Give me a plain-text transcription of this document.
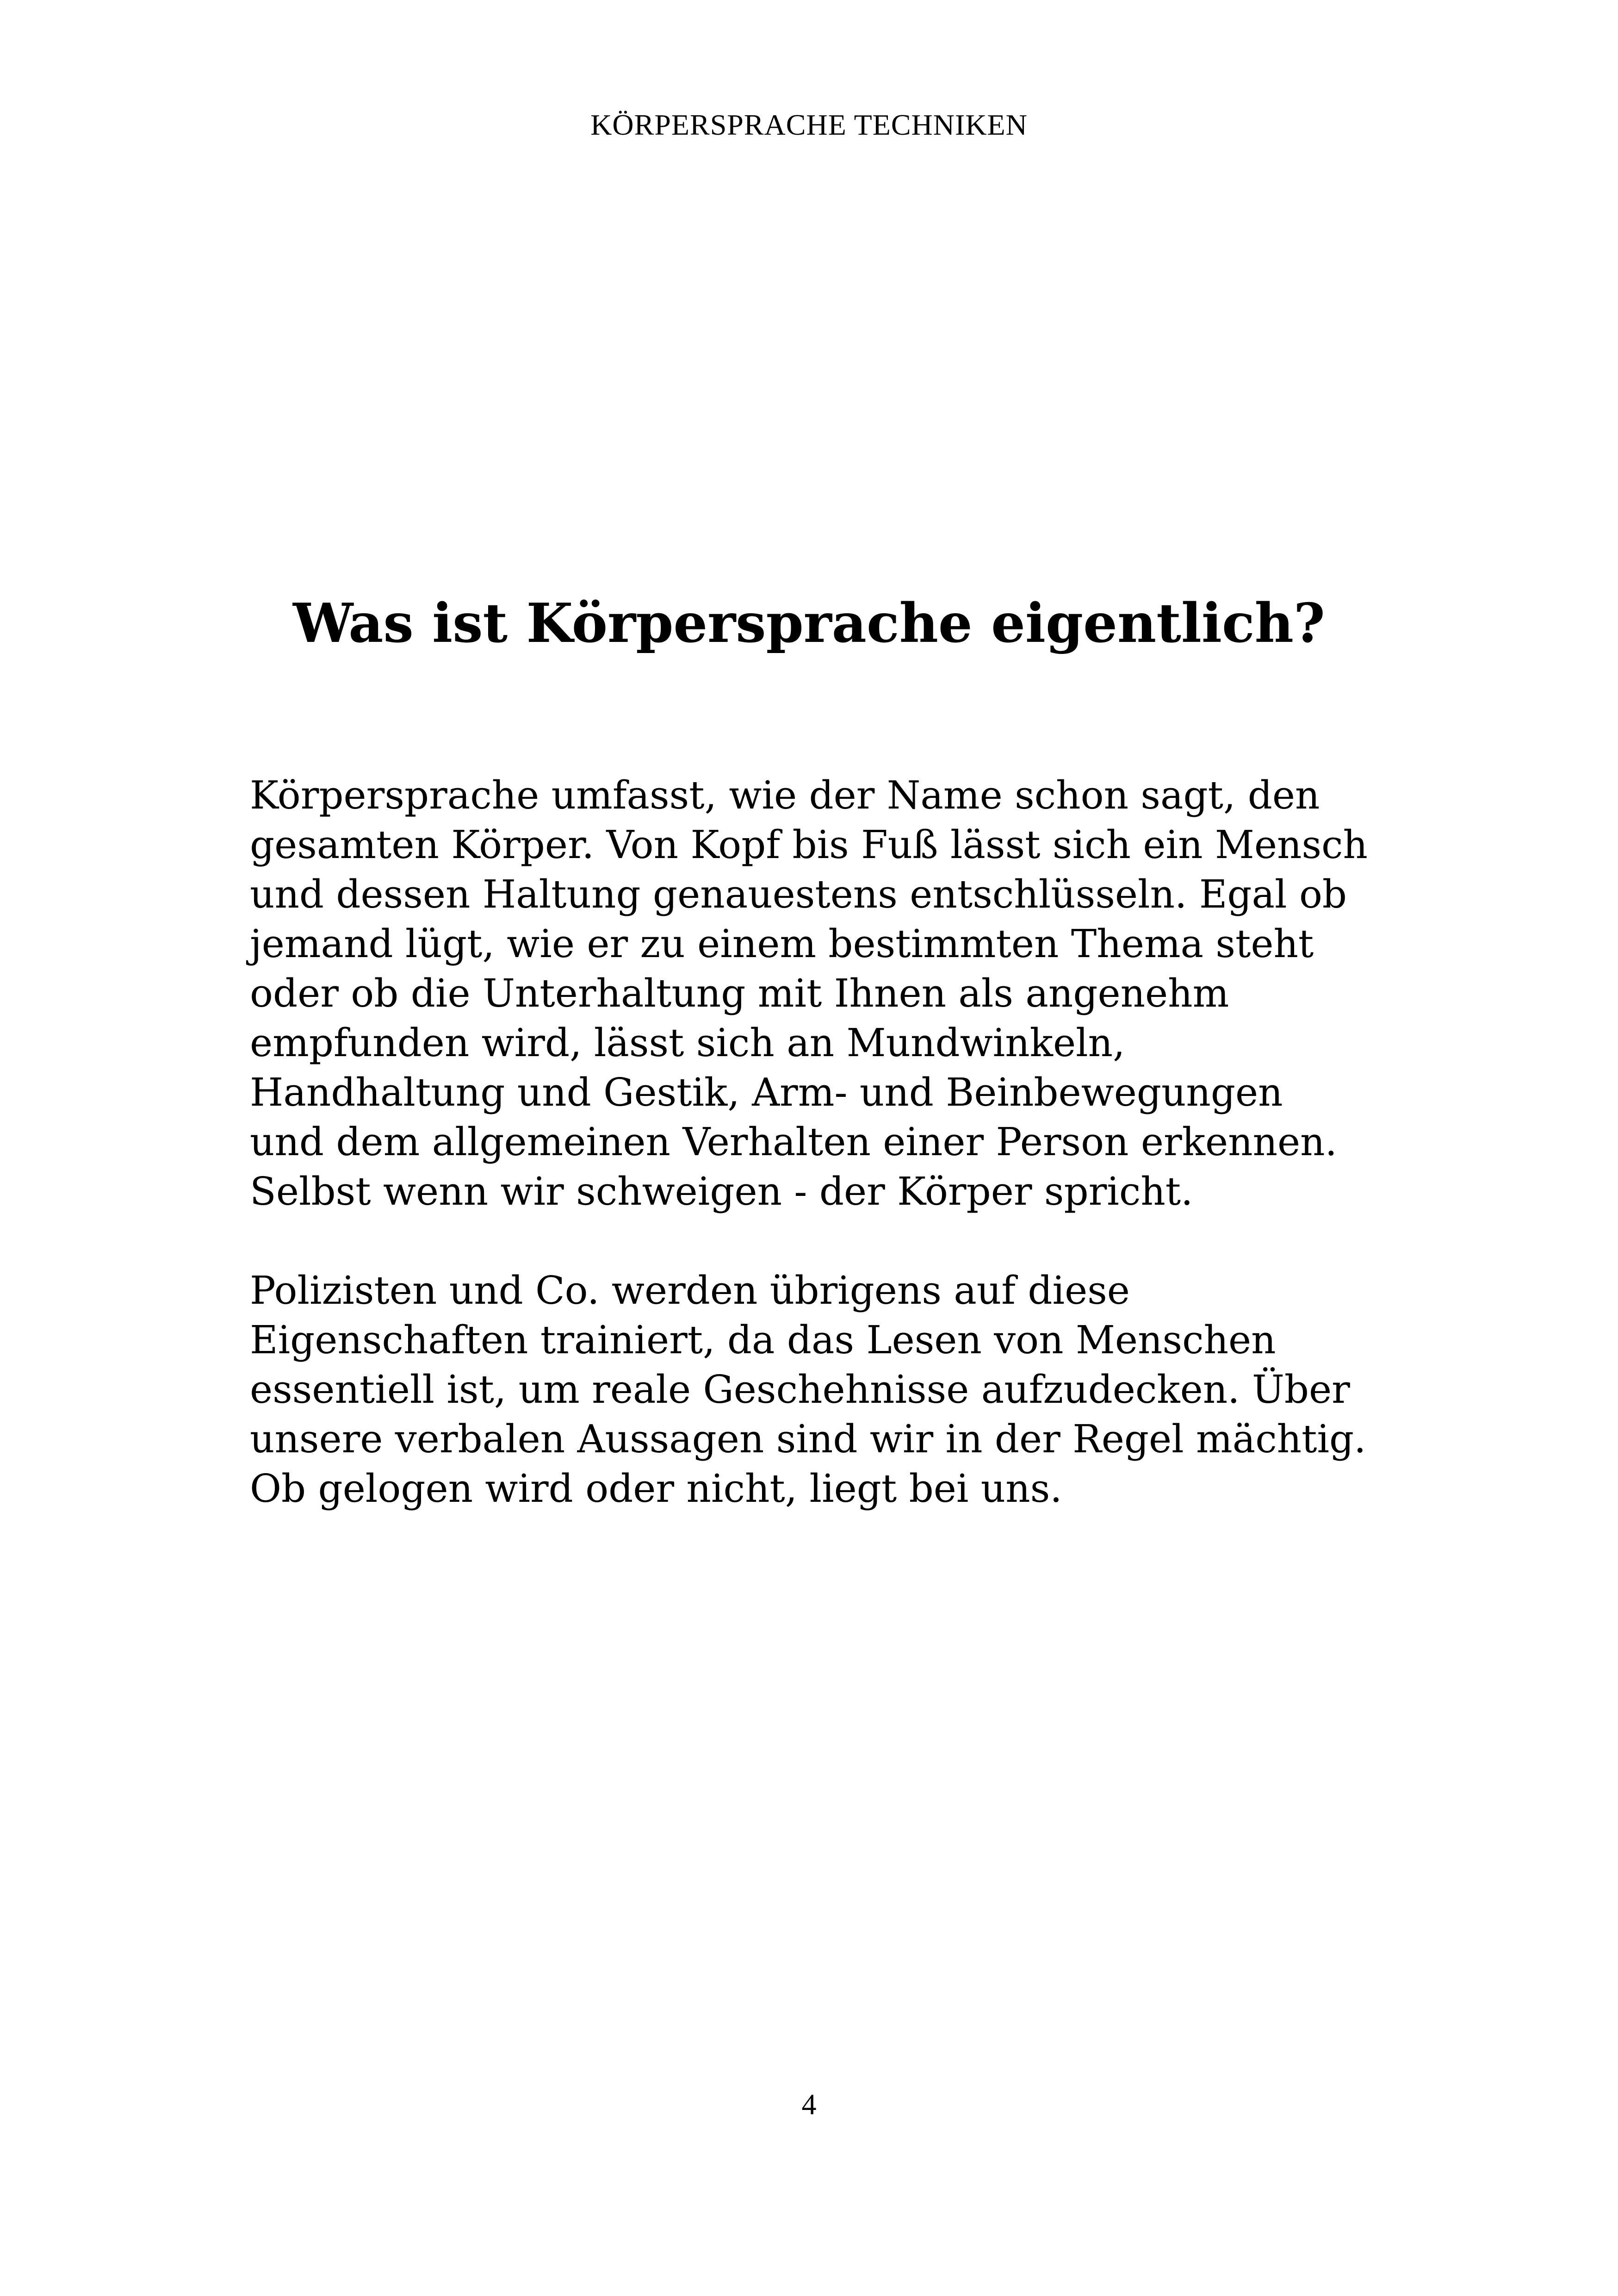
KÖRPERSPRACHE TECHNIKEN
Was ist Körpersprache eigentlich?

Körpersprache umfasst, wie der Name schon sagt, den
gesamten Körper. Von Kopf bis Fuß lässt sich ein Mensch
und dessen Haltung genauestens entschlüsseln. Egal ob
jemand lügt, wie er zu einem bestimmten Thema steht
oder ob die Unterhaltung mit Ihnen als angenehm
empfunden wird, lässt sich an Mundwinkeln,
Handhaltung und Gestik, Arm- und Beinbewegungen
und dem allgemeinen Verhalten einer Person erkennen.
Selbst wenn wir schweigen - der Körper spricht.

Polizisten und Co. werden übrigens auf diese
Eigenschaften trainiert, da das Lesen von Menschen
essentiell ist, um reale Geschehnisse aufzudecken. Über
unsere verbalen Aussagen sind wir in der Regel mächtig.
Ob gelogen wird oder nicht, liegt bei uns.

4
